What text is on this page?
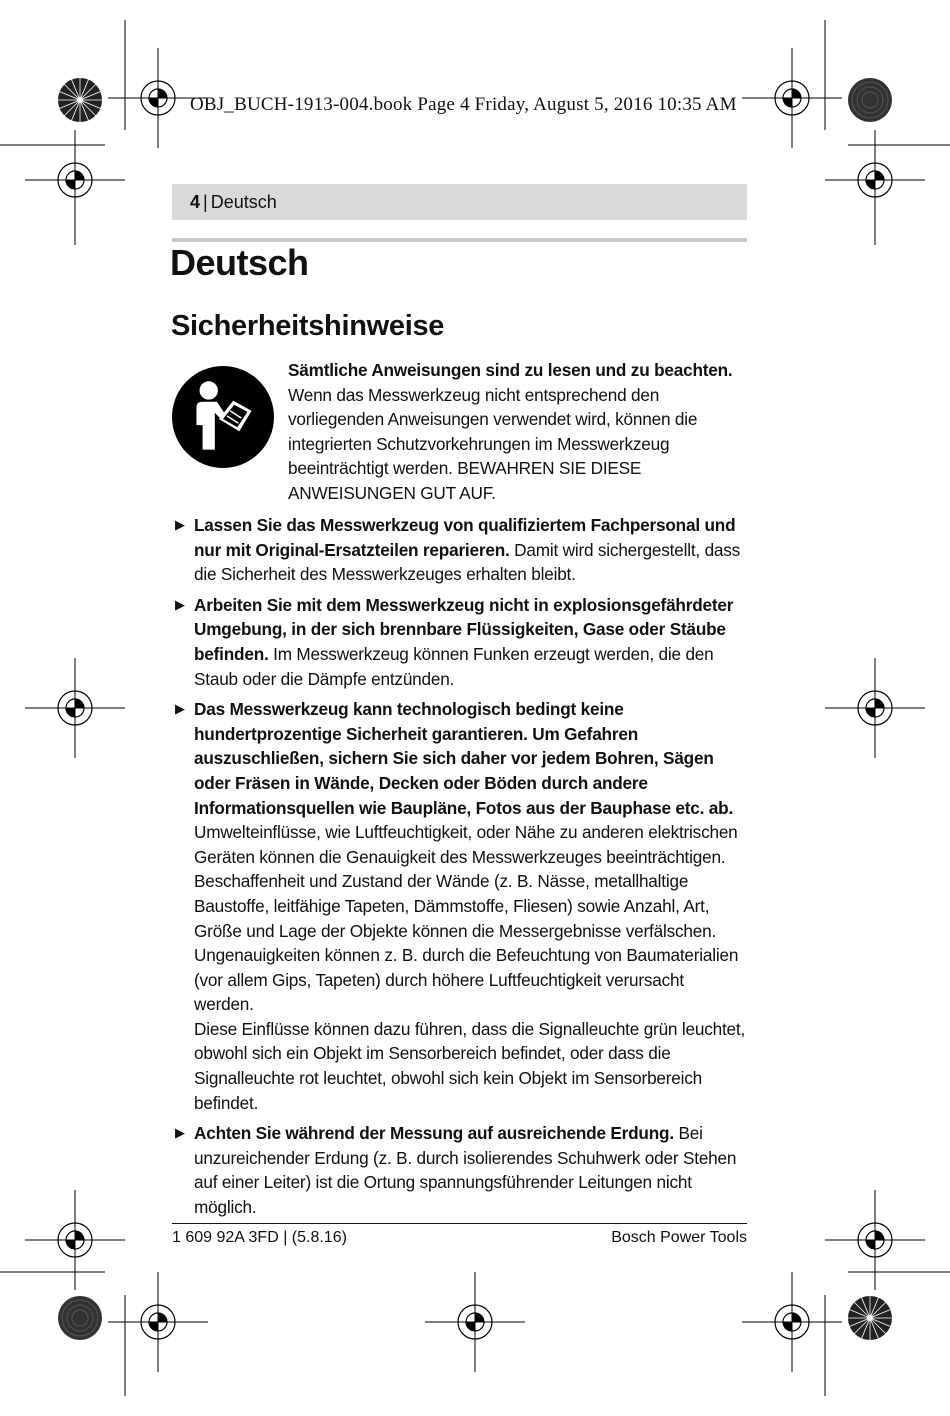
OBJ_BUCH-1913-004.book Page 4 Friday, August 5, 2016 10:35 AM
4 | Deutsch
Deutsch
Sicherheitshinweise
Sämtliche Anweisungen sind zu lesen und zu beachten. Wenn das Messwerkzeug nicht entsprechend den vorliegenden Anweisungen verwendet wird, können die integrierten Schutzvorkehrungen im Messwerkzeug beeinträchtigt werden. BEWAHREN SIE DIESE ANWEISUNGEN GUT AUF.
▶ Lassen Sie das Messwerkzeug von qualifiziertem Fachpersonal und nur mit Original-Ersatzteilen reparieren. Damit wird sichergestellt, dass die Sicherheit des Messwerkzeuges erhalten bleibt.
▶ Arbeiten Sie mit dem Messwerkzeug nicht in explosionsgefährdeter Umgebung, in der sich brennbare Flüssigkeiten, Gase oder Stäube befinden. Im Messwerkzeug können Funken erzeugt werden, die den Staub oder die Dämpfe entzünden.
▶ Das Messwerkzeug kann technologisch bedingt keine hundertprozentige Sicherheit garantieren. Um Gefahren auszuschließen, sichern Sie sich daher vor jedem Bohren, Sägen oder Fräsen in Wände, Decken oder Böden durch andere Informationsquellen wie Baupläne, Fotos aus der Bauphase etc. ab. Umwelteinflüsse, wie Luftfeuchtigkeit, oder Nähe zu anderen elektrischen Geräten können die Genauigkeit des Messwerkzeuges beeinträchtigen. Beschaffenheit und Zustand der Wände (z. B. Nässe, metallhaltige Baustoffe, leitfähige Tapeten, Dämmstoffe, Fliesen) sowie Anzahl, Art, Größe und Lage der Objekte können die Messergebnisse verfälschen. Ungenauigkeiten können z. B. durch die Befeuchtung von Baumaterialien (vor allem Gips, Tapeten) durch höhere Luftfeuchtigkeit verursacht werden.
Diese Einflüsse können dazu führen, dass die Signalleuchte grün leuchtet, obwohl sich ein Objekt im Sensorbereich befindet, oder dass die Signalleuchte rot leuchtet, obwohl sich kein Objekt im Sensorbereich befindet.
▶ Achten Sie während der Messung auf ausreichende Erdung. Bei unzureichender Erdung (z. B. durch isolierendes Schuhwerk oder Stehen auf einer Leiter) ist die Ortung spannungsführender Leitungen nicht möglich.
1 609 92A 3FD | (5.8.16)	Bosch Power Tools
